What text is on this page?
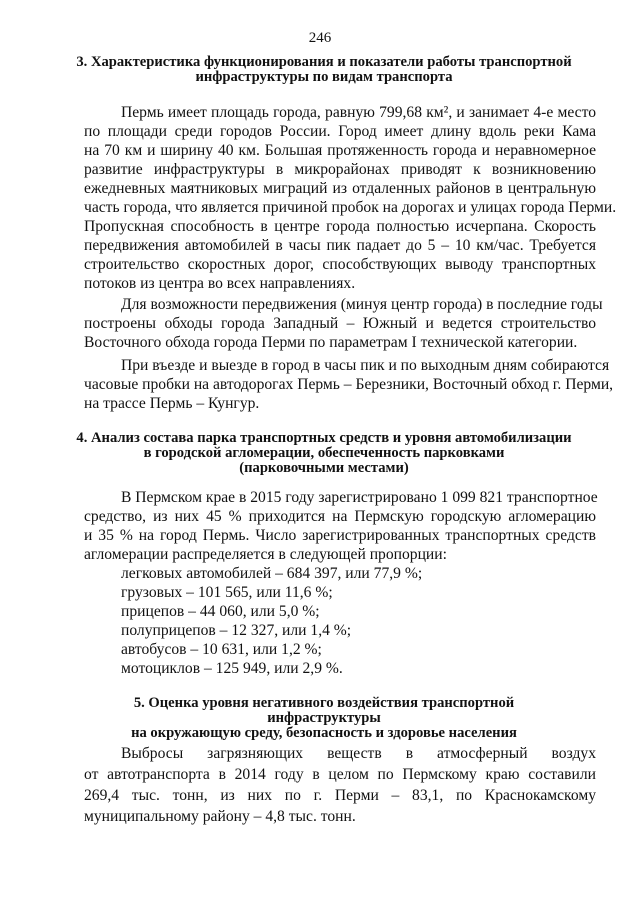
246
3. Характеристика функционирования и показатели работы транспортной
инфраструктуры по видам транспорта
Пермь имеет площадь города, равную 799,68 км², и занимает 4-е место
по площади среди городов России. Город имеет длину вдоль реки Кама
на 70 км и ширину 40 км. Большая протяженность города и неравномерное
развитие инфраструктуры в микрорайонах приводят к возникновению
ежедневных маятниковых миграций из отдаленных районов в центральную
часть города, что является причиной пробок на дорогах и улицах города Перми.
Пропускная способность в центре города полностью исчерпана. Скорость
передвижения автомобилей в часы пик падает до 5 – 10 км/час. Требуется
строительство скоростных дорог, способствующих выводу транспортных
потоков из центра во всех направлениях.
Для возможности передвижения (минуя центр города) в последние годы
построены обходы города Западный – Южный и ведется строительство
Восточного обхода города Перми по параметрам I технической категории.
При въезде и выезде в город в часы пик и по выходным дням собираются
часовые пробки на автодорогах Пермь – Березники, Восточный обход г. Перми,
на трассе Пермь – Кунгур.
4. Анализ состава парка транспортных средств и уровня автомобилизации
в городской агломерации, обеспеченность парковками
(парковочными местами)
В Пермском крае в 2015 году зарегистрировано 1 099 821 транспортное
средство, из них 45 % приходится на Пермскую городскую агломерацию
и 35 % на город Пермь. Число зарегистрированных транспортных средств
агломерации распределяется в следующей пропорции:
легковых автомобилей – 684 397, или 77,9 %;
грузовых – 101 565, или 11,6 %;
прицепов – 44 060, или 5,0 %;
полуприцепов – 12 327, или 1,4 %;
автобусов – 10 631, или 1,2 %;
мотоциклов – 125 949, или 2,9 %.
5. Оценка уровня негативного воздействия транспортной инфраструктуры
на окружающую среду, безопасность и здоровье населения
Выбросы загрязняющих веществ в атмосферный воздух
от автотранспорта в 2014 году в целом по Пермскому краю составили
269,4 тыс. тонн, из них по г. Перми – 83,1, по Краснокамскому
муниципальному району – 4,8 тыс. тонн.
